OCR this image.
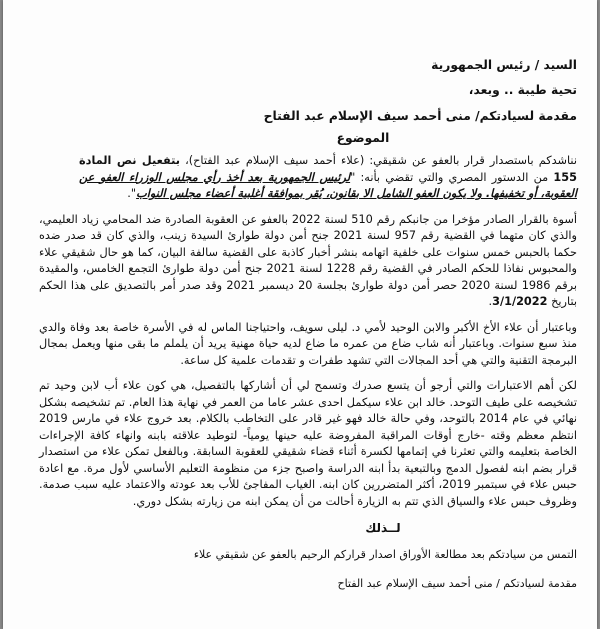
السيد / رئيس الجمهورية
تحية طيبة .. وبعد،
مقدمة لسيادتكم/ منى أحمد سيف الإسلام عبد الفتاح
الموضوع
نناشدكم باستصدار قرار بالعفو عن شقيقي: (علاء أحمد سيف الإسلام عبد الفتاح)، بتفعيل نص المادة 155 من الدستور المصري والتي تقضي بأنه: "لرئيس الجمهورية بعد أخذ رأي مجلس الوزراء العفو عن العقوبة، أو تخفيفها. ولا يكون العفو الشامل الا بقانون، يُقر بموافقة أغلبية أعضاء مجلس النواب".
أسوة بالقرار الصادر مؤخرا من جانبكم رقم 510 لسنة 2022 بالعفو عن العقوبة الصادرة ضد المحامي زياد العليمي، والذي كان متهما في القضية رقم 957 لسنة 2021 جنح أمن دولة طوارئ السيدة زينب، والذي كان قد صدر ضده حكما بالحبس خمس سنوات على خلفية اتهامه بنشر أخبار كاذبة على القضية سالفة البيان، كما هو حال شقيقي علاء والمحبوس نفاذا للحكم الصادر في القضية رقم 1228 لسنة 2021 جنح أمن دولة طوارئ التجمع الخامس، والمقيدة برقم 1986 لسنة 2020 حصر أمن دولة طوارئ بجلسة 20 ديسمبر 2021 وقد صدر أمر بالتصديق على هذا الحكم بتاريخ 3/1/2022.
وباعتبار أن علاء الأخ الأكبر والابن الوحيد لأمي د. ليلى سويف، واحتياجنا الماس له في الأسرة خاصة بعد وفاة والدي منذ سبع سنوات. وباعتبار أنه شاب ضاع من عمره ما ضاع لديه حياة مهنية يريد أن يلملم ما بقى منها ويعمل بمجال البرمجة التقنية والتي هي أحد المجالات التي تشهد طفرات و تقدمات علمية كل ساعة.
لكن أهم الاعتبارات والتي أرجو أن يتسع صدرك وتسمح لي أن أشاركها بالتفصيل، هي كون علاء أب لابن وحيد تم تشخيصه على طيف التوحد. خالد ابن علاء سيكمل احدى عشر عاما من العمر في نهاية هذا العام. تم تشخيصه بشكل نهائي في عام 2014 بالتوحد، وفي حالة خالد فهو غير قادر على التخاطب بالكلام. بعد خروج علاء في مارس 2019 انتظم معظم وقته -خارج أوقات المراقبة المفروضة عليه حينها يومياً- لتوطيد علاقته بابنه وانهاء كافة الإجراءات الخاصة بتعليمه والتي تعثرنا في إتمامها لكسرة أثناء قضاء شقيقي للعقوبة السابقة. وبالفعل تمكن علاء من استصدار قرار بضم ابنه لفصول الدمج وبالتبعية بدأ ابنه الدراسة واصبح جزء من منظومة التعليم الأساسي لأول مرة. مع اعادة حبس علاء في سبتمبر 2019، أكثر المتضررين كان ابنه. الغياب المفاجئ للأب بعد عودته والاعتماد عليه سبب صدمة. وظروف حبس علاء والسياق الذي تتم به الزيارة أحالت من أن يمكن ابنه من زيارته بشكل دوري.
لــذلك
التمس من سيادتكم بعد مطالعة الأوراق اصدار قراركم الرحيم بالعفو عن شقيقي علاء
مقدمة لسيادتكم / منى أحمد سيف الإسلام عبد الفتاح
